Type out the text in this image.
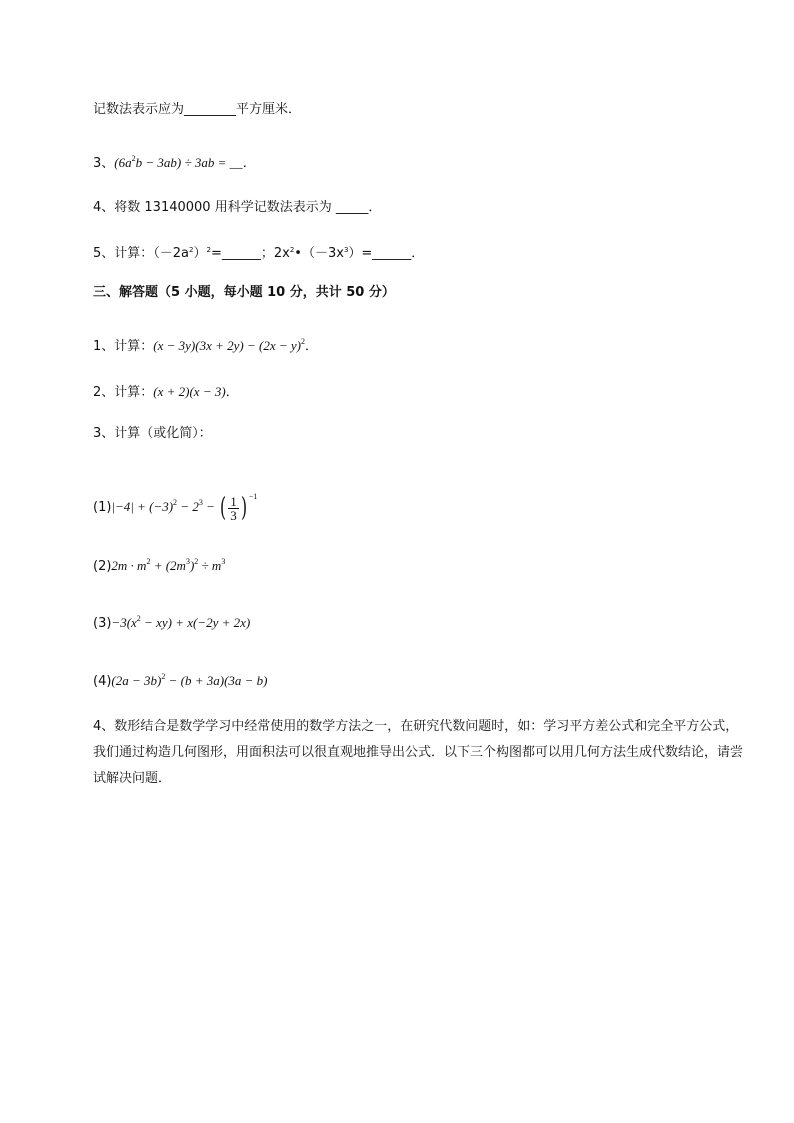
记数法表示应为________平方厘米．
3、$(6a^2b - 3ab) \div 3ab$ = __．
4、将数 13140000 用科学记数法表示为 _____．
5、计算：$(-2a^2)^2=\_\_\_\_\_\_$；$2x^2•(-3x^3)=\_\_\_\_\_\_$．
三、解答题（5 小题，每小题 10 分，共计 50 分）
1、计算：$(x - 3y)(3x + 2y) - (2x - y)^2$．
2、计算：(x + 2)(x − 3)．
3、计算（或化简）：
$(1)|-4| + (-3)^2 - 2^3$ − ( $\frac{1}{3}$ ) $^{-1}$
$(2)2m \cdot m^2 + (2m^3)^2 \div m^3$
$(3)-3(x^2 - xy) + x(-2y + 2x)$
$(4)(2a - 3b)^2 - (b + 3a)(3a - b)$
4、数形结合是数学学习中经常使用的数学方法之一，在研究代数问题时，如：学习平方差公式和完全平方公式，我们通过构造几何图形，用面积法可以很直观地推导出公式．以下三个构图都可以用几何方法生成代数结论，请尝试解决问题．
